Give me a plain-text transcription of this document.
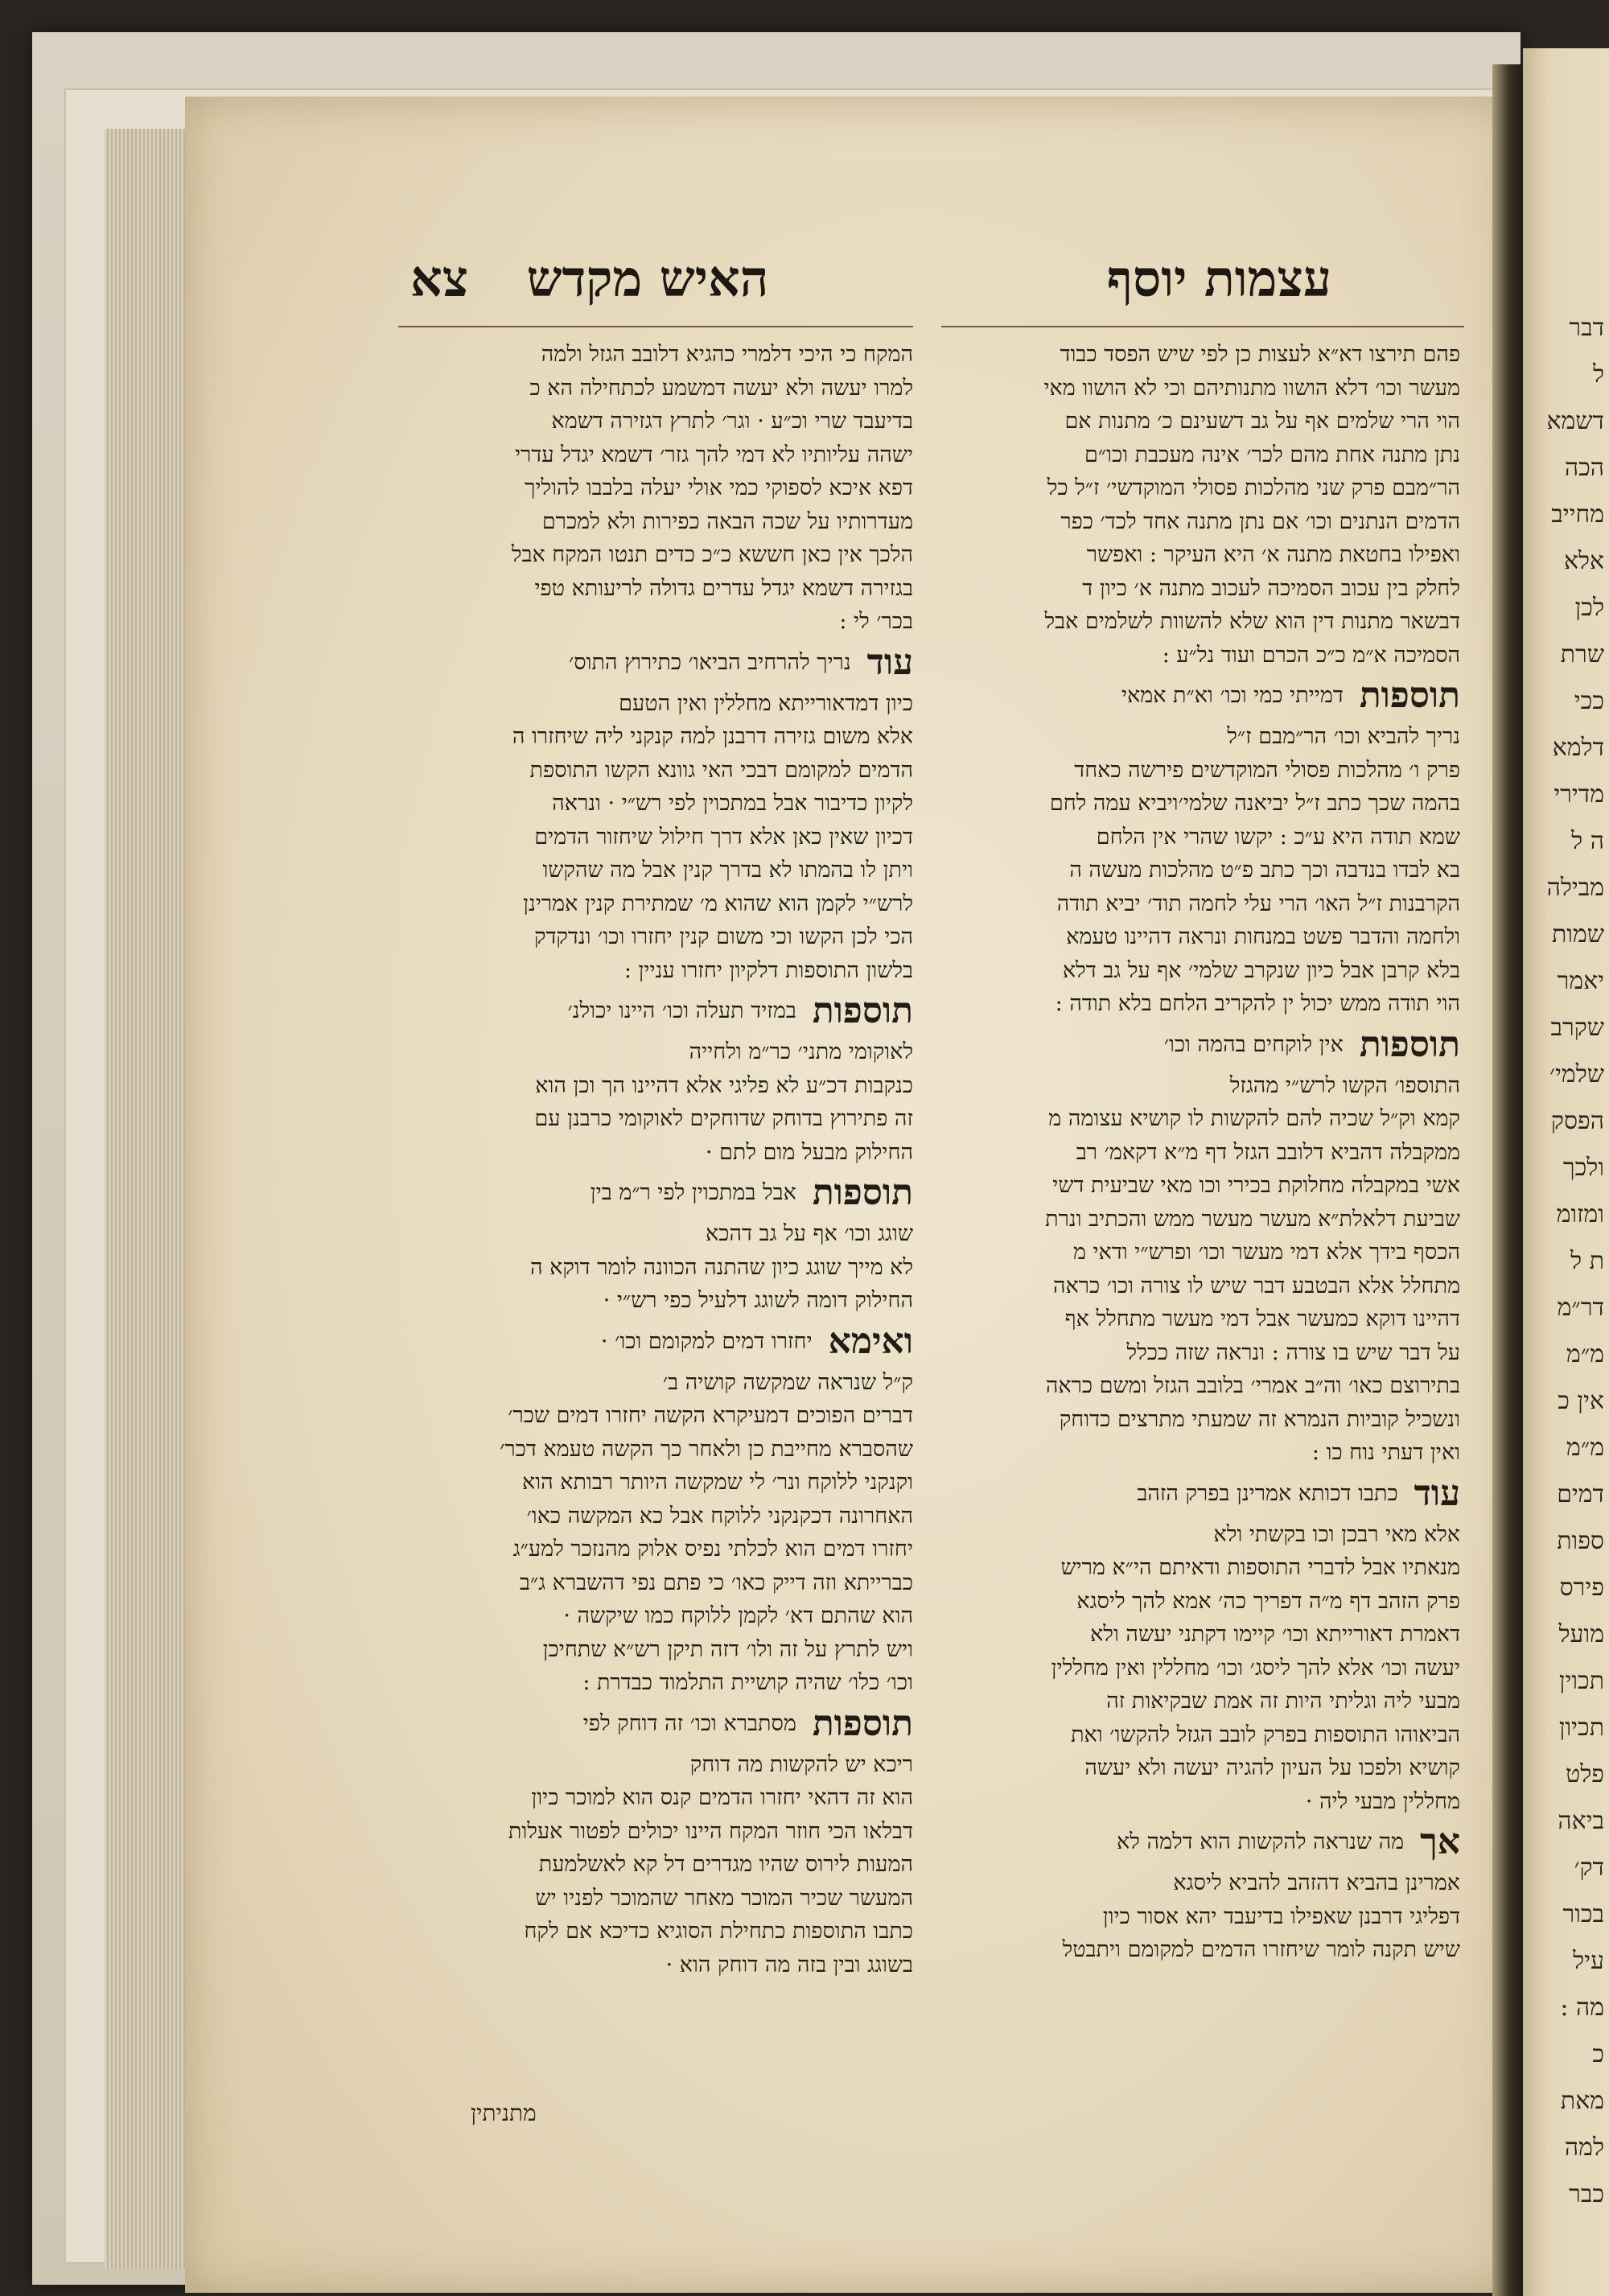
האיש מקדש
צא	עצמות יוסף
המקח כי היכי דלמרי כהגיא דלובב הגזל ולמה
למרו יעשה ולא יעשה דמשמע לכתחילה הא כ
בדיעבד שרי וכ״ע · וגר׳ לתרץ דגזירה דשמא
ישהה עליותיו לא דמי להך גזר׳ דשמא יגדל עדרי
דפא איכא לספוקי כמי אולי יעלה בלבבו להוליך
מעדרותיו על שכה הבאה כפירות ולא למכרם
הלכך אין כאן חששא כ״כ כדים תנטו המקח אבל
בגזירה דשמא יגדל עדרים גדולה לריעותא טפי
בכר׳ לי :
עוד
נריך להרחיב הביאו׳ כתירוץ התוס׳
כיון דמדאורייתא מחללין ואין הטעם
אלא משום גזירה דרבנן למה קנקני ליה שיחזרו ה
הדמים למקומם דבכי האי גוונא הקשו התוספת
לקיון כדיבור אבל במתכוין לפי רש״י · ונראה
דכיון שאין כאן אלא דרך חילול שיחזור הדמים
ויתן לו בהמתו לא בדרך קנין אבל מה שהקשו
לרש״י לקמן הוא שהוא מ׳ שמתירת קנין אמרינן
הכי לכן הקשו וכי משום קנין יחזרו וכו׳ ונדקדק
בלשון התוספות דלקיון יחזרו עניין :
תוספות
במזיד תעלה וכו׳ היינו יכולנ׳
לאוקומי מתני׳ כר״מ ולחייה
כנקבות דכ״ע לא פליגי אלא דהיינו הך וכן הוא
זה פתירוץ בדוחק שדוחקים לאוקומי כרבנן עם
החילוק מבעל מום לתם ·
תוספות
אבל במתכוין לפי ר״מ בין
שוגג וכו׳ אף על גב דהכא
לא מייך שוגג כיון שהתנה הכוונה לומר דוקא ה
החילוק דומה לשוגג דלעיל כפי רש״י ·
ואימא
יחזרו דמים למקומם וכו׳ ·
ק״ל שנראה שמקשה קושיה ב׳
דברים הפוכים דמעיקרא הקשה יחזרו דמים שכר׳
שהסברא מחייבת כן ולאחר כך הקשה טעמא דכר׳
וקנקני ללוקח ונר׳ לי שמקשה היותר רבותא הוא
האחרונה דכקנקני ללוקח אבל כא המקשה כאו׳
יחזרו דמים הוא לכלתי נפיס אלוק מהנזכר למע״ג
כברייתא וזה דייק כאו׳ כי פתם נפי דהשברא ג״ב
הוא שהתם דא׳ לקמן ללוקח כמו שיקשה ·
ויש לתרץ על זה ולו׳ דזה תיקן רש״א שתחיכן
וכו׳ כלו׳ שהיה קושיית התלמוד כבדרת :
תוספות
מסתברא וכו׳ זה דוחק לפי
ריכא יש להקשות מה דוחק
הוא זה דהאי יחזרו הדמים קנס הוא למוכר כיון
דבלאו הכי חוזר המקח היינו יכולים לפטור אעלות
המעות לירוס שהיו מגדרים דל קא לאשלמעת
המעשר שכיר המוכר מאחר שהמוכר לפניו יש
כתבו התוספות כתחילת הסוגיא כדיכא אם לקח
בשוגג ובין בזה מה דוחק הוא ·
פהם תירצו דא״א לעצות כן לפי שיש הפסד כבוד
מעשר וכו׳ דלא הושוו מתנותיהם וכי לא הושוו מאי
הוי הרי שלמים אף על גב דשעינם כ׳ מתנות אם
נתן מתנה אחת מהם לכר׳ אינה מעכבת וכו״ם
הר״מבם פרק שני מהלכות פסולי המוקדשי׳ ז״ל כל
הדמים הנתנים וכו׳ אם נתן מתנה אחד לכד׳ כפר
ואפילו בחטאת מתנה א׳ היא העיקר : ואפשר
לחלק בין עכוב הסמיכה לעכוב מתנה א׳ כיון ד
דבשאר מתנות דין הוא שלא להשוות לשלמים אבל
הסמיכה א״מ כ״כ הכרם ועוד נל״ע :
תוספות
דמייתי כמי וכו׳ וא״ת אמאי
נריך להביא וכו׳ הר״מבם ז״ל
פרק ו׳ מהלכות פסולי המוקדשים פירשה כאחד
בהמה שכך כתב ז״ל יביאנה שלמי׳ויביא עמה לחם
שמא תודה היא ע״כ : יקשו שהרי אין הלחם
בא לבדו בנדבה וכך כתב פ״ט מהלכות מעשה ה
הקרבנות ז״ל האו׳ הרי עלי לחמה תוד׳ יביא תודה
ולחמה והדבר פשט במנחות ונראה דהיינו טעמא
בלא קרבן אבל כיון שנקרב שלמי׳ אף על גב דלא
הוי תודה ממש יכול ין להקריב הלחם בלא תודה :
תוספות
אין לוקחים בהמה וכו׳
התוספו׳ הקשו לרש״י מהגזל
קמא וק״ל שכיה להם להקשות לו קושיא עצומה מ
ממקבלה דהביא דלובב הגזל דף מ״א דקאמ׳ רב
אשי במקבלה מחלוקת בכירי וכו מאי שביעית דשי
שביעת דלאלת״א מעשר מעשר ממש והכתיב ונרת
הכסף בידך אלא דמי מעשר וכו׳ ופרש״י ודאי מ
מתחלל אלא הבטבע דבר שיש לו צורה וכו׳ כראה
דהיינו דוקא כמעשר אבל דמי מעשר מתחלל אף
על דבר שיש בו צורה : ונראה שזה ככלל
בתירוצם כאו׳ וה״ב אמרי׳ בלובב הגזל ומשם כראה
ונשכיל קוביות הנמרא זה שמעתי מתרצים כדוחק
ואין דעתי נוח כו :
עוד
כתבו דכותא אמרינן בפרק הזהב
אלא מאי רבכן וכו בקשתי ולא
מנאתיו אבל לדברי התוספות ודאיתם הי״א מריש
פרק הזהב דף מ״ה דפריך כה׳ אמא להך ליסגא
דאמרת דאורייתא וכו׳ קיימו דקתני יעשה ולא
יעשה וכו׳ אלא להך ליסג׳ וכו׳ מחללין ואין מחללין
מבעי ליה וגליתי היות זה אמת שבקיאות זה
הביאוהו התוספות בפרק לובב הגזל להקשו׳ ואת
קושיא ולפכו על העיון להגיה יעשה ולא יעשה
מחללין מבעי ליה ·
אך
מה שנראה להקשות הוא דלמה לא
אמרינן בהביא דהזהב להביא ליסגא
דפליגי דרבנן שאפילו בדיעבד יהא אסור כיון
שיש תקנה לומר שיחזרו הדמים למקומם ויתבטל
מתניתין
דבר
ל
דשמא
הכה
מחייב
אלא
לכן
שרת
ככי
דלמא
מדירי
ה ל
מבילה
שמות
יאמר
שקרב
שלמי׳
הפסק
ולכך
ומזומ
ת ל
דר״מ
מ״מ
אין כ
מ״מ
דמים
ספות
פירס
מועל
תכוין
תכיון
פלט
ביאה
דק׳
בכור
עיל
מה :
כ
מאת
למה
כבר
